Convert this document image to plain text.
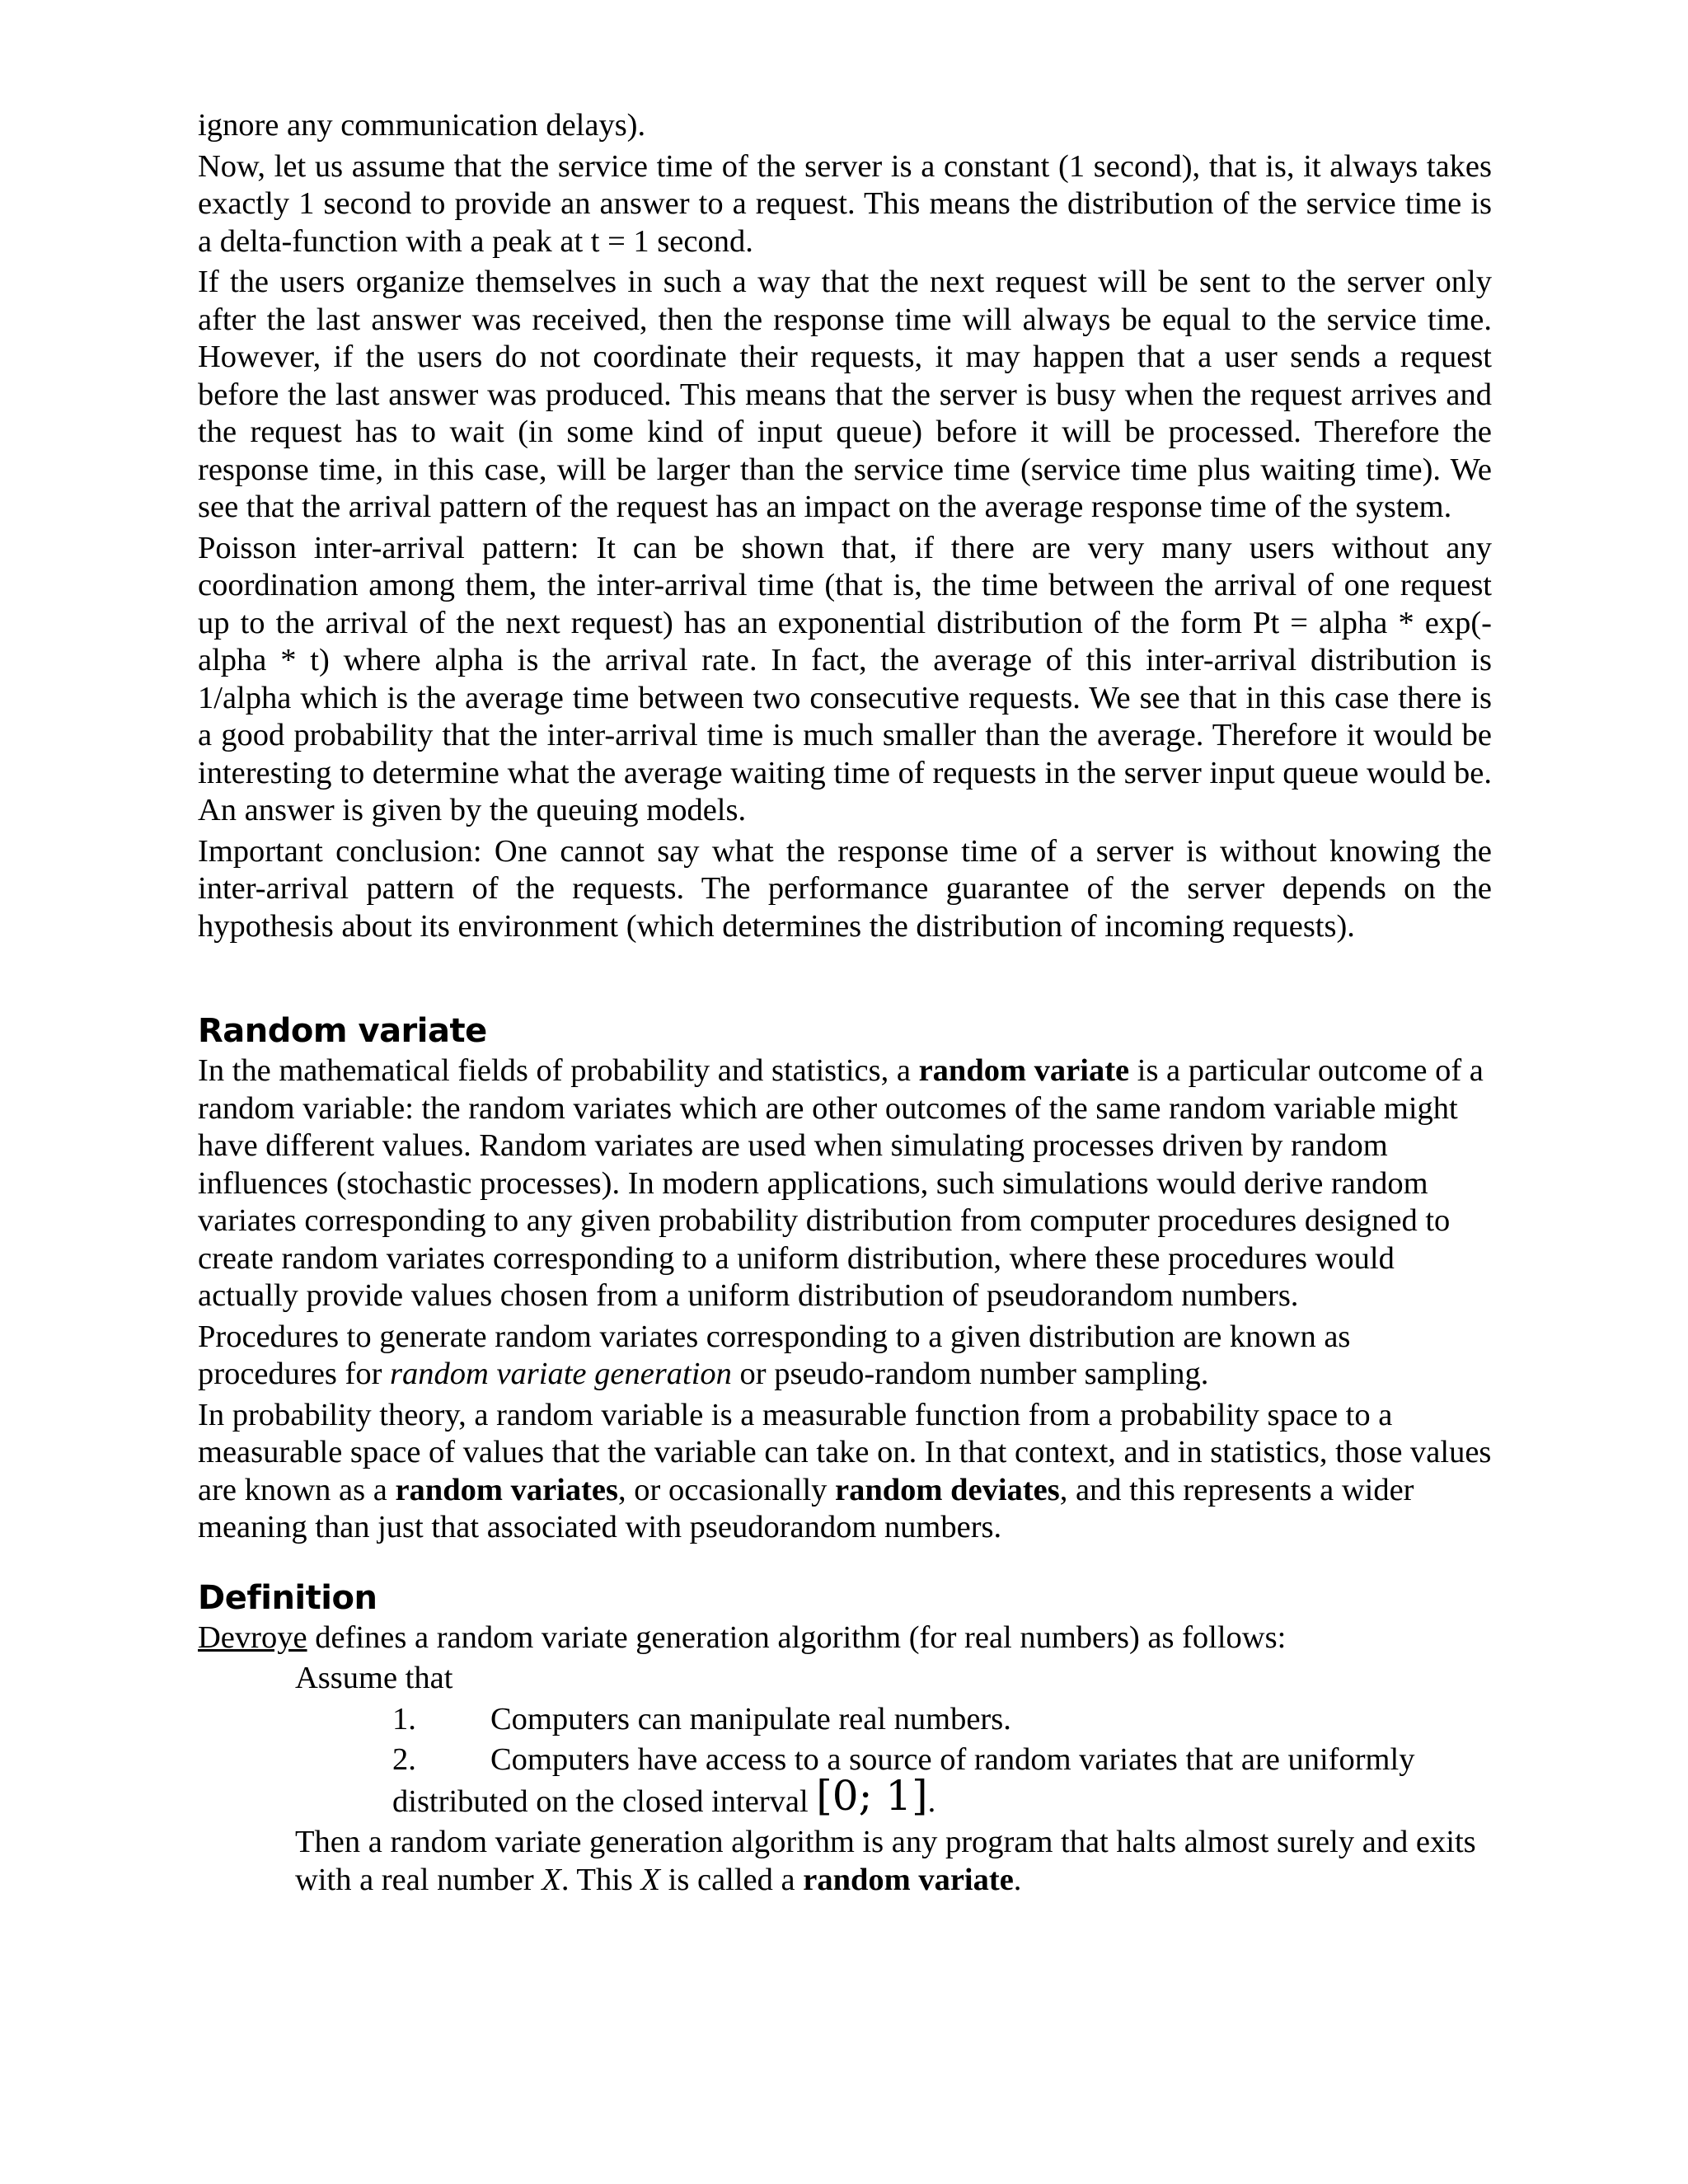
ignore any communication delays).

Now, let us assume that the service time of the server is a constant (1 second), that is, it always takes exactly 1 second to provide an answer to a request. This means the distribution of the service time is a delta-function with a peak at t = 1 second.

If the users organize themselves in such a way that the next request will be sent to the server only after the last answer was received, then the response time will always be equal to the service time. However, if the users do not coordinate their requests, it may happen that a user sends a request before the last answer was produced. This means that the server is busy when the request arrives and the request has to wait (in some kind of input queue) before it will be processed. Therefore the response time, in this case, will be larger than the service time (service time plus waiting time). We see that the arrival pattern of the request has an impact on the average response time of the system.

Poisson inter-arrival pattern: It can be shown that, if there are very many users without any coordination among them, the inter-arrival time (that is, the time between the arrival of one request up to the arrival of the next request) has an exponential distribution of the form Pt = alpha * exp(- alpha * t) where alpha is the arrival rate. In fact, the average of this inter-arrival distribution is 1/alpha which is the average time between two consecutive requests. We see that in this case there is a good probability that the inter-arrival time is much smaller than the average. Therefore it would be interesting to determine what the average waiting time of requests in the server input queue would be. An answer is given by the queuing models.

Important conclusion: One cannot say what the response time of a server is without knowing the inter-arrival pattern of the requests. The performance guarantee of the server depends on the hypothesis about its environment (which determines the distribution of incoming requests).

Random variate

In the mathematical fields of probability and statistics, a random variate is a particular outcome of a random variable: the random variates which are other outcomes of the same random variable might have different values. Random variates are used when simulating processes driven by random influences (stochastic processes). In modern applications, such simulations would derive random variates corresponding to any given probability distribution from computer procedures designed to create random variates corresponding to a uniform distribution, where these procedures would actually provide values chosen from a uniform distribution of pseudorandom numbers.

Procedures to generate random variates corresponding to a given distribution are known as procedures for random variate generation or pseudo-random number sampling.

In probability theory, a random variable is a measurable function from a probability space to a measurable space of values that the variable can take on. In that context, and in statistics, those values are known as a random variates, or occasionally random deviates, and this represents a wider meaning than just that associated with pseudorandom numbers.

Definition

Devroye defines a random variate generation algorithm (for real numbers) as follows:

Assume that

1. Computers can manipulate real numbers.

2. Computers have access to a source of random variates that are uniformly
distributed on the closed interval [0; 1].

Then a random variate generation algorithm is any program that halts almost surely and exits with a real number X. This X is called a random variate.
